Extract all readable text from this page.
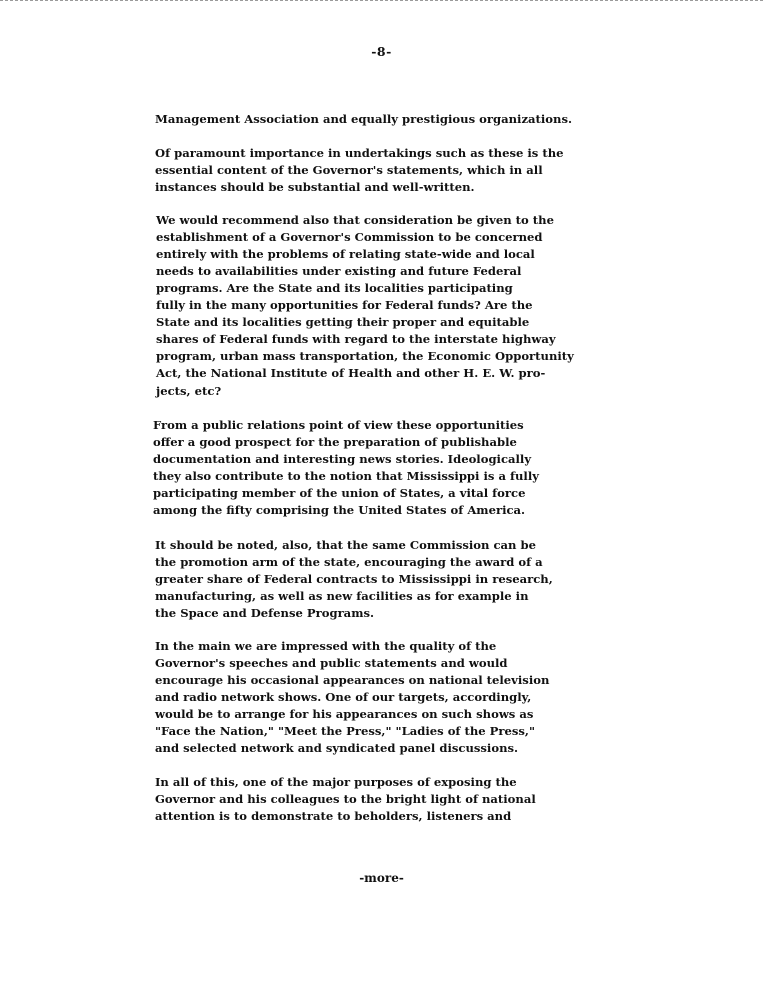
-8-
Management Association and equally prestigious organizations.
Of paramount importance in undertakings such as these is the
essential content of the Governor's statements, which in all
instances should be substantial and well-written.
We would recommend also that consideration be given to the
establishment of a Governor's Commission to be concerned
entirely with the problems of relating state-wide and local
needs to availabilities under existing and future Federal
programs. Are the State and its localities participating
fully in the many opportunities for Federal funds? Are the
State and its localities getting their proper and equitable
shares of Federal funds with regard to the interstate highway
program, urban mass transportation, the Economic Opportunity
Act, the National Institute of Health and other H. E. W. pro-
jects, etc?
From a public relations point of view these opportunities
offer a good prospect for the preparation of publishable
documentation and interesting news stories. Ideologically
they also contribute to the notion that Mississippi is a fully
participating member of the union of States, a vital force
among the fifty comprising the United States of America.
It should be noted, also, that the same Commission can be
the promotion arm of the state, encouraging the award of a
greater share of Federal contracts to Mississippi in research,
manufacturing, as well as new facilities as for example in
the Space and Defense Programs.
In the main we are impressed with the quality of the
Governor's speeches and public statements and would
encourage his occasional appearances on national television
and radio network shows. One of our targets, accordingly,
would be to arrange for his appearances on such shows as
"Face the Nation," "Meet the Press," "Ladies of the Press,"
and selected network and syndicated panel discussions.
In all of this, one of the major purposes of exposing the
Governor and his colleagues to the bright light of national
attention is to demonstrate to beholders, listeners and
-more-
